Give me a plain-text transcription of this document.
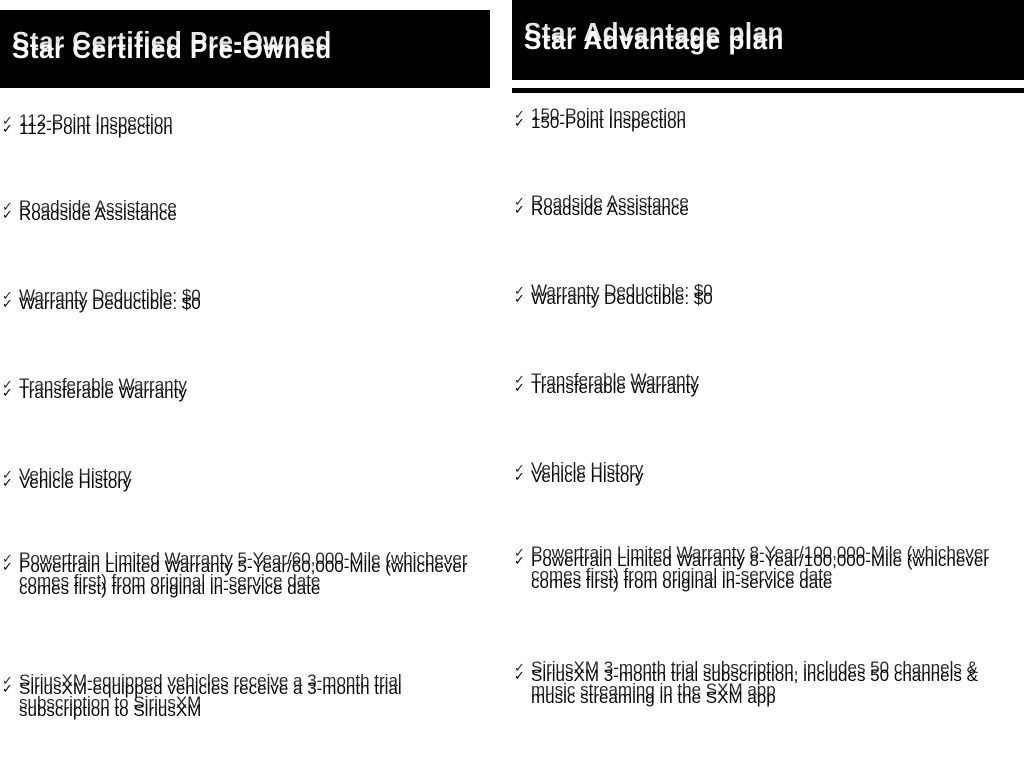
Star Certified Pre-Owned
✓ 112-Point Inspection
✓ Roadside Assistance
✓ Warranty Deductible: $0
✓ Transferable Warranty
✓ Vehicle History
✓ Powertrain Limited Warranty 5-Year/60,000-Mile (whichever comes first) from original in-service date
✓ SiriusXM-equipped vehicles receive a 3-month trial subscription to SiriusXM
Star Advantage plan
✓ 150-Point Inspection
✓ Roadside Assistance
✓ Warranty Deductible: $0
✓ Transferable Warranty
✓ Vehicle History
✓ Powertrain Limited Warranty 8-Year/100,000-Mile (whichever comes first) from original in-service date
✓ SiriusXM 3-month trial subscription, includes 50 channels & music streaming in the SXM app
